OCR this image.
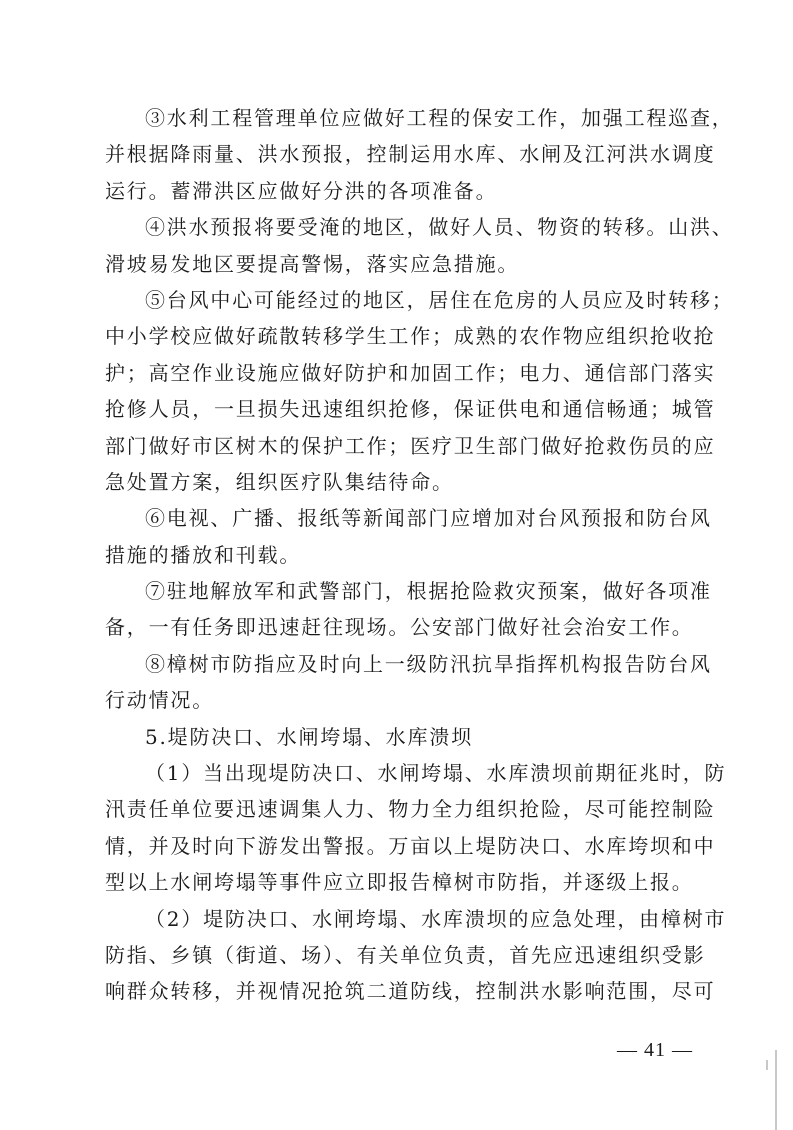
③水利工程管理单位应做好工程的保安工作，加强工程巡查，
并根据降雨量、洪水预报，控制运用水库、水闸及江河洪水调度
运行。蓄滞洪区应做好分洪的各项准备。

④洪水预报将要受淹的地区，做好人员、物资的转移。山洪、
滑坡易发地区要提高警惕，落实应急措施。

⑤台风中心可能经过的地区，居住在危房的人员应及时转移；
中小学校应做好疏散转移学生工作；成熟的农作物应组织抢收抢
护；高空作业设施应做好防护和加固工作；电力、通信部门落实
抢修人员，一旦损失迅速组织抢修，保证供电和通信畅通；城管
部门做好市区树木的保护工作；医疗卫生部门做好抢救伤员的应
急处置方案，组织医疗队集结待命。

⑥电视、广播、报纸等新闻部门应增加对台风预报和防台风
措施的播放和刊载。

⑦驻地解放军和武警部门，根据抢险救灾预案，做好各项准
备，一有任务即迅速赶往现场。公安部门做好社会治安工作。

⑧樟树市防指应及时向上一级防汛抗旱指挥机构报告防台风
行动情况。

5.堤防决口、水闸垮塌、水库溃坝

（1）当出现堤防决口、水闸垮塌、水库溃坝前期征兆时，防
汛责任单位要迅速调集人力、物力全力组织抢险，尽可能控制险
情，并及时向下游发出警报。万亩以上堤防决口、水库垮坝和中
型以上水闸垮塌等事件应立即报告樟树市防指，并逐级上报。

（2）堤防决口、水闸垮塌、水库溃坝的应急处理，由樟树市
防指、乡镇（街道、场）、有关单位负责，首先应迅速组织受影
响群众转移，并视情况抢筑二道防线，控制洪水影响范围，尽可

— 41 —
